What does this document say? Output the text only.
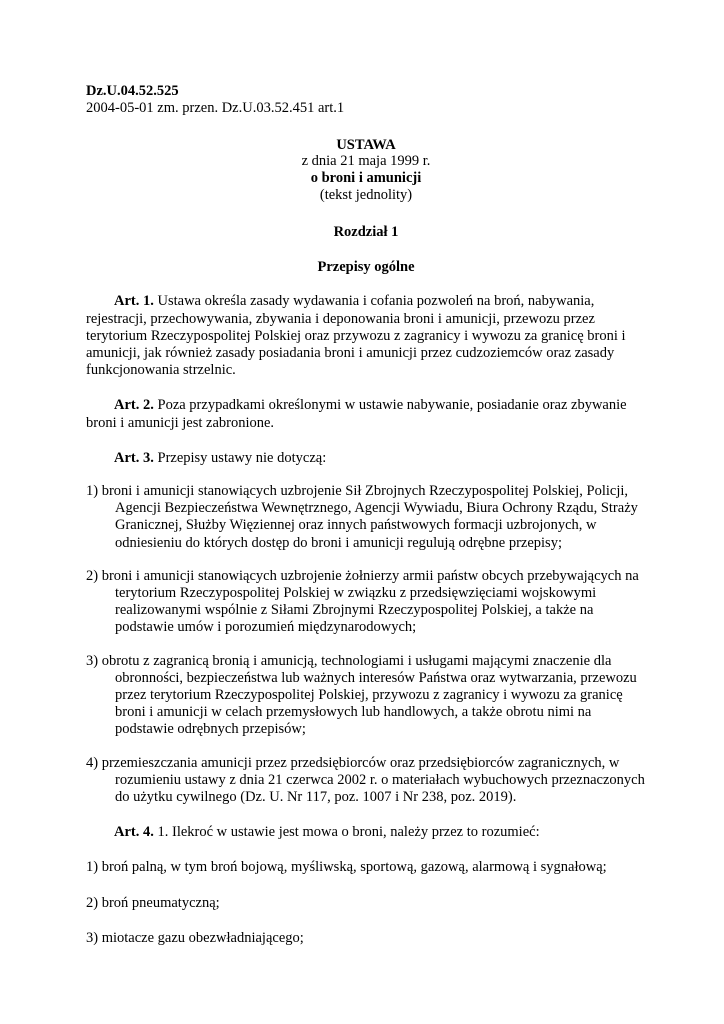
Dz.U.04.52.525
2004-05-01 zm. przen. Dz.U.03.52.451 art.1
USTAWA
z dnia 21 maja 1999 r.
o broni i amunicji
(tekst jednolity)
Rozdział 1
Przepisy ogólne

Art. 1. Ustawa określa zasady wydawania i cofania pozwoleń na broń, nabywania, rejestracji, przechowywania, zbywania i deponowania broni i amunicji, przewozu przez terytorium Rzeczypospolitej Polskiej oraz przywozu z zagranicy i wywozu za granicę broni i amunicji, jak również zasady posiadania broni i amunicji przez cudzoziemców oraz zasady funkcjonowania strzelnic.

Art. 2. Poza przypadkami określonymi w ustawie nabywanie, posiadanie oraz zbywanie broni i amunicji jest zabronione.

Art. 3. Przepisy ustawy nie dotyczą:

1) broni i amunicji stanowiących uzbrojenie Sił Zbrojnych Rzeczypospolitej Polskiej, Policji, Agencji Bezpieczeństwa Wewnętrznego, Agencji Wywiadu, Biura Ochrony Rządu, Straży Granicznej, Służby Więziennej oraz innych państwowych formacji uzbrojonych, w odniesieniu do których dostęp do broni i amunicji regulują odrębne przepisy;

2) broni i amunicji stanowiących uzbrojenie żołnierzy armii państw obcych przebywających na terytorium Rzeczypospolitej Polskiej w związku z przedsięwzięciami wojskowymi realizowanymi wspólnie z Siłami Zbrojnymi Rzeczypospolitej Polskiej, a także na podstawie umów i porozumień międzynarodowych;

3) obrotu z zagranicą bronią i amunicją, technologiami i usługami mającymi znaczenie dla obronności, bezpieczeństwa lub ważnych interesów Państwa oraz wytwarzania, przewozu przez terytorium Rzeczypospolitej Polskiej, przywozu z zagranicy i wywozu za granicę broni i amunicji w celach przemysłowych lub handlowych, a także obrotu nimi na podstawie odrębnych przepisów;

4) przemieszczania amunicji przez przedsiębiorców oraz przedsiębiorców zagranicznych, w rozumieniu ustawy z dnia 21 czerwca 2002 r. o materiałach wybuchowych przeznaczonych do użytku cywilnego (Dz. U. Nr 117, poz. 1007 i Nr 238, poz. 2019).

Art. 4. 1. Ilekroć w ustawie jest mowa o broni, należy przez to rozumieć:

1) broń palną, w tym broń bojową, myśliwską, sportową, gazową, alarmową i sygnałową;

2) broń pneumatyczną;

3) miotacze gazu obezwładniającego;
